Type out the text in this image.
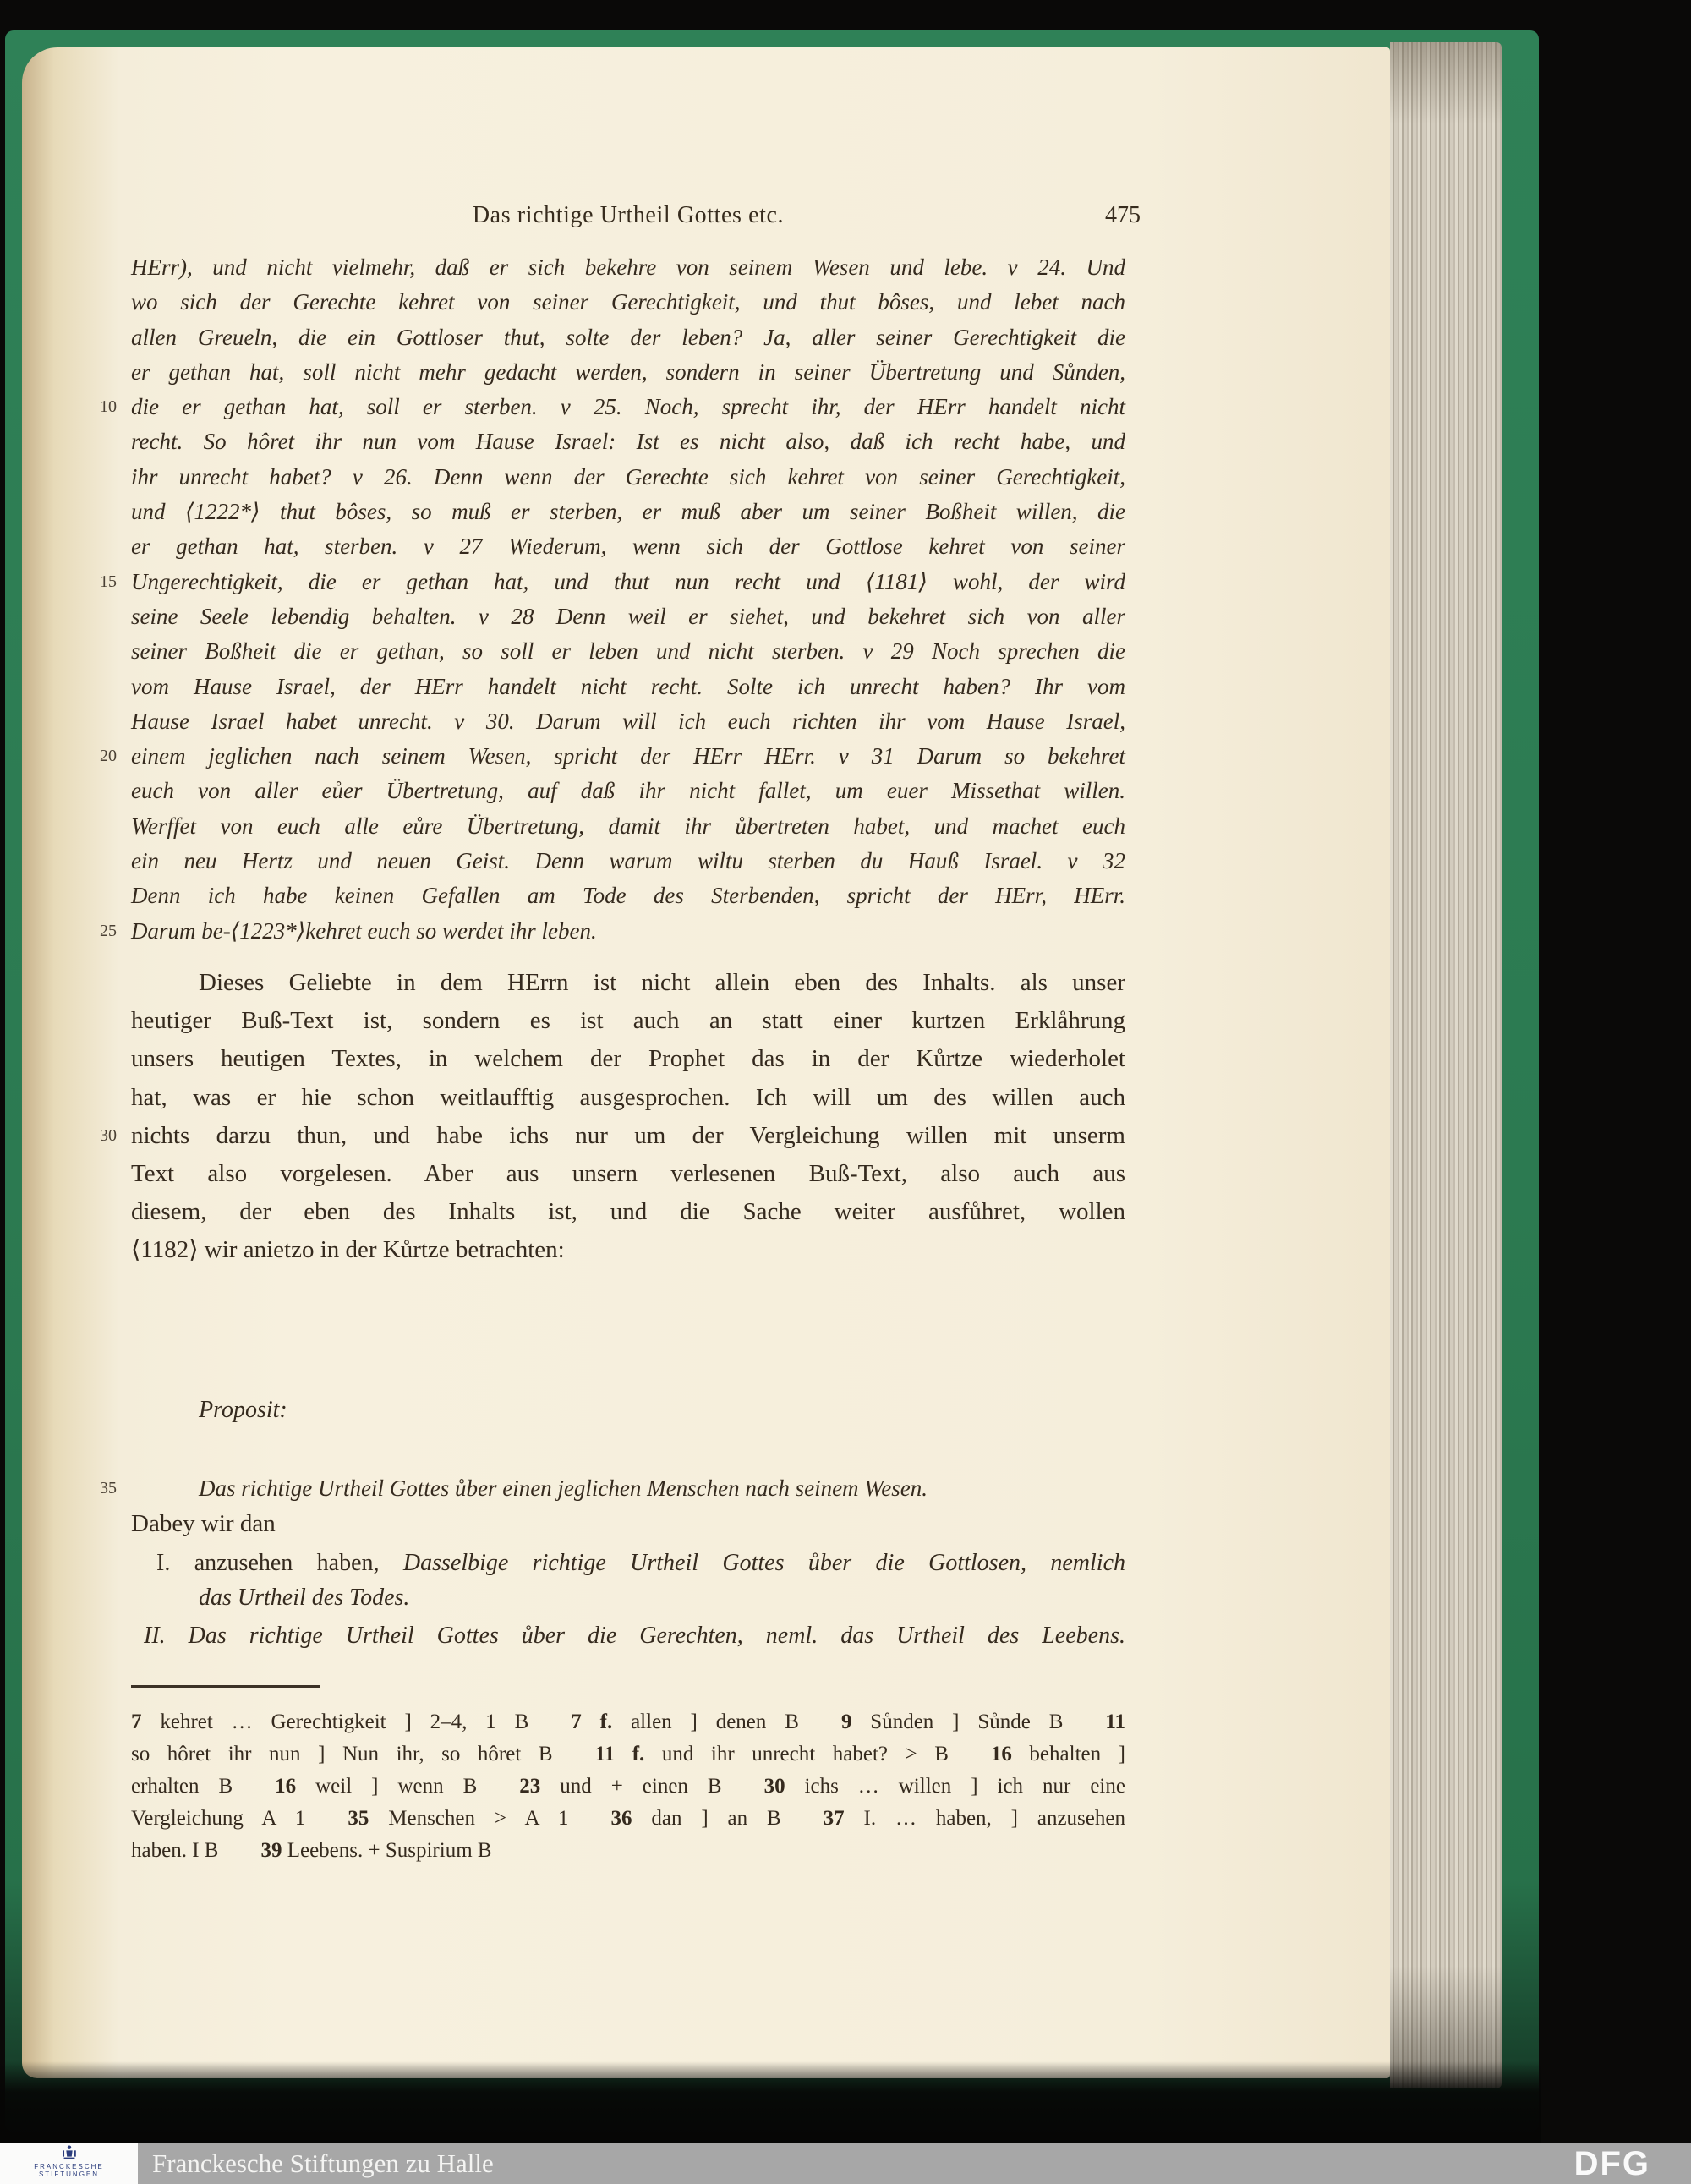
Das richtige Urtheil Gottes etc.	475
10
15
20
25
30
35
HErr), und nicht vielmehr, daß er sich bekehre von seinem Wesen und lebe. v 24. Und
wo sich der Gerechte kehret von seiner Gerechtigkeit, und thut bôses, und lebet nach
allen Greueln, die ein Gottloser thut, solte der leben? Ja, aller seiner Gerechtigkeit die
er gethan hat, soll nicht mehr gedacht werden, sondern in seiner Übertretung und Sůnden,
die er gethan hat, soll er sterben. v 25. Noch, sprecht ihr, der HErr handelt nicht
recht. So hôret ihr nun vom Hause Israel: Ist es nicht also, daß ich recht habe, und
ihr unrecht habet? v 26. Denn wenn der Gerechte sich kehret von seiner Gerechtigkeit,
und ⟨1222*⟩ thut bôses, so muß er sterben, er muß aber um seiner Boßheit willen, die
er gethan hat, sterben. v 27 Wiederum, wenn sich der Gottlose kehret von seiner
Ungerechtigkeit, die er gethan hat, und thut nun recht und ⟨1181⟩ wohl, der wird
seine Seele lebendig behalten. v 28 Denn weil er siehet, und bekehret sich von aller
seiner Boßheit die er gethan, so soll er leben und nicht sterben. v 29 Noch sprechen die
vom Hause Israel, der HErr handelt nicht recht. Solte ich unrecht haben? Ihr vom
Hause Israel habet unrecht. v 30. Darum will ich euch richten ihr vom Hause Israel,
einem jeglichen nach seinem Wesen, spricht der HErr HErr. v 31 Darum so bekehret
euch von aller eůer Übertretung, auf daß ihr nicht fallet, um euer Missethat willen.
Werffet von euch alle eůre Übertretung, damit ihr ůbertreten habet, und machet euch
ein neu Hertz und neuen Geist. Denn warum wiltu sterben du Hauß Israel. v 32
Denn ich habe keinen Gefallen am Tode des Sterbenden, spricht der HErr, HErr.
Darum be-⟨1223*⟩kehret euch so werdet ihr leben.
Dieses Geliebte in dem HErrn ist nicht allein eben des Inhalts. als unser
heutiger Buß-Text ist, sondern es ist auch an statt einer kurtzen Erklåhrung
unsers heutigen Textes, in welchem der Prophet das in der Kůrtze wiederholet
hat, was er hie schon weitlaufftig ausgesprochen. Ich will um des willen auch
nichts darzu thun, und habe ichs nur um der Vergleichung willen mit unserm
Text also vorgelesen. Aber aus unsern verlesenen Buß-Text, also auch aus
diesem, der eben des Inhalts ist, und die Sache weiter ausfůhret, wollen
⟨1182⟩ wir anietzo in der Kůrtze betrachten:
Proposit:
Das richtige Urtheil Gottes ůber einen jeglichen Menschen nach seinem Wesen.
Dabey wir dan
I. anzusehen haben, Dasselbige richtige Urtheil Gottes ůber die Gottlosen, nemlich
das Urtheil des Todes.
II. Das richtige Urtheil Gottes ůber die Gerechten, neml. das Urtheil des Leebens.
7 kehret … Gerechtigkeit ] 2–4, 1 B  7 f. allen ] denen B  9 Sůnden ] Sůnde B  11
so hôret ihr nun ] Nun ihr, so hôret B  11 f. und ihr unrecht habet? > B  16 behalten ]
erhalten B  16 weil ] wenn B  23 und + einen B  30 ichs … willen ] ich nur eine
Vergleichung A 1  35 Menschen > A 1  36 dan ] an B  37 I. … haben, ] anzusehen
haben. I B  39 Leebens. + Suspirium B
FRANCKESCHE
STIFTUNGEN	Franckesche Stiftungen zu Halle	DFG
